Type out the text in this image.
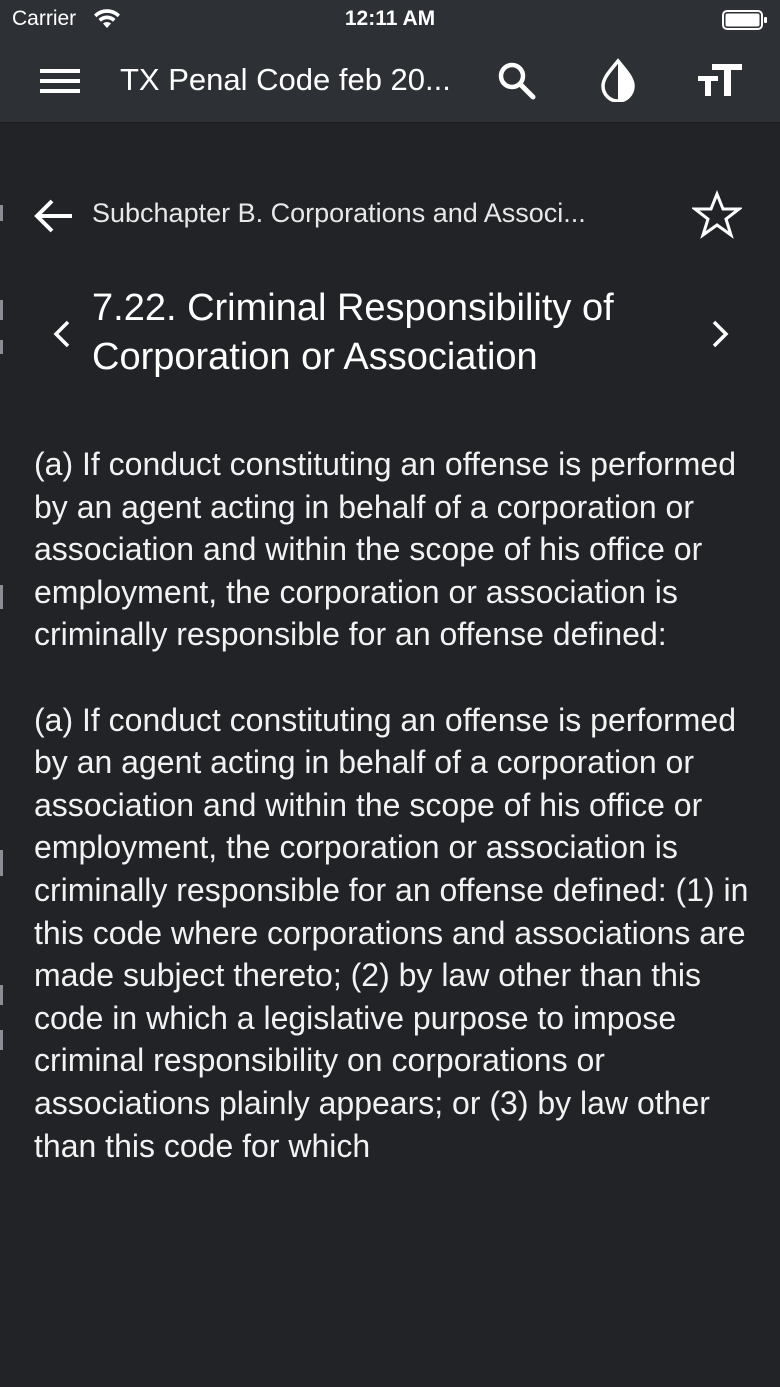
Carrier	12:11 AM
TX Penal Code feb 20...
Subchapter B. Corporations and Associ...
7.22. Criminal Responsibility of Corporation or Association

(a) If conduct constituting an offense is performed by an agent acting in behalf of a corporation or association and within the scope of his office or employment, the corporation or association is criminally responsible for an offense defined:

(a) If conduct constituting an offense is performed by an agent acting in behalf of a corporation or association and within the scope of his office or employment, the corporation or association is criminally responsible for an offense defined: (1) in this code where corporations and associations are made subject thereto; (2) by law other than this code in which a legislative purpose to impose criminal responsibility on corporations or associations plainly appears; or (3) by law other than this code for which
